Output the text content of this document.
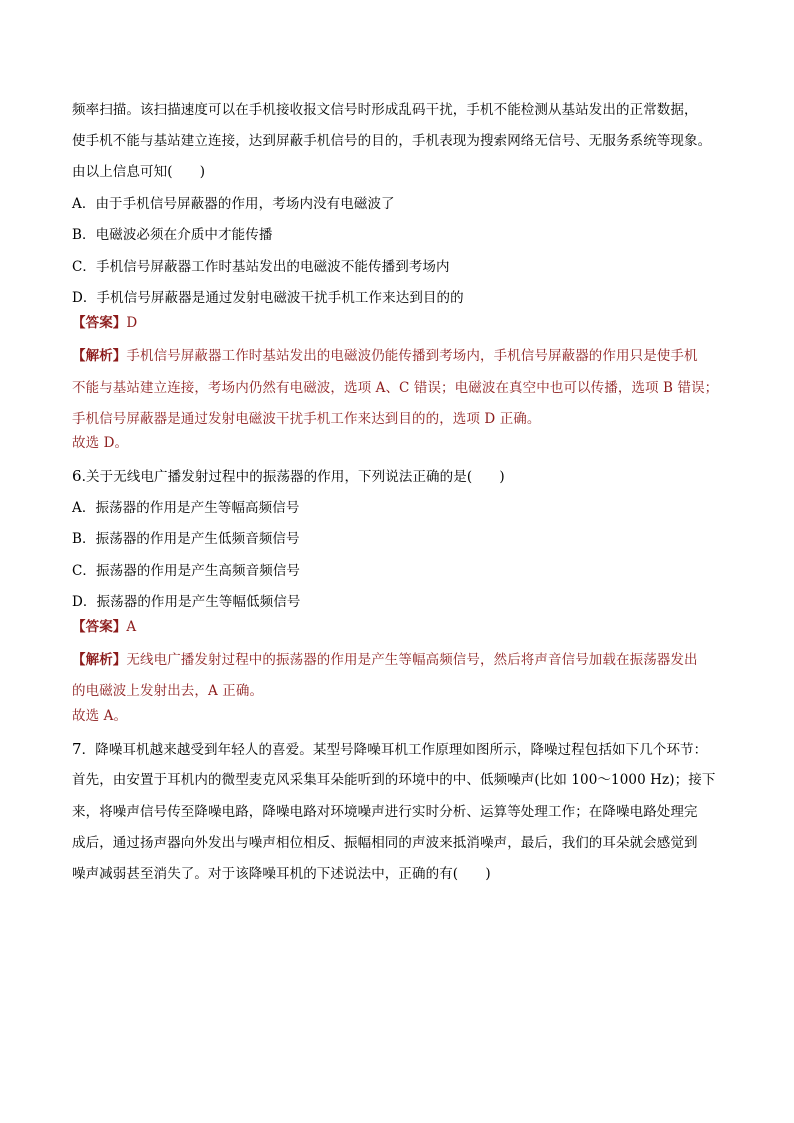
频率扫描。该扫描速度可以在手机接收报文信号时形成乱码干扰，手机不能检测从基站发出的正常数据，
使手机不能与基站建立连接，达到屏蔽手机信号的目的，手机表现为搜索网络无信号、无服务系统等现象。
由以上信息可知(　　)
A．由于手机信号屏蔽器的作用，考场内没有电磁波了
B．电磁波必须在介质中才能传播
C．手机信号屏蔽器工作时基站发出的电磁波不能传播到考场内
D．手机信号屏蔽器是通过发射电磁波干扰手机工作来达到目的的
【答案】D
【解析】手机信号屏蔽器工作时基站发出的电磁波仍能传播到考场内，手机信号屏蔽器的作用只是使手机
不能与基站建立连接，考场内仍然有电磁波，选项 A、C 错误；电磁波在真空中也可以传播，选项 B 错误；
手机信号屏蔽器是通过发射电磁波干扰手机工作来达到目的的，选项 D 正确。
故选 D。
6.关于无线电广播发射过程中的振荡器的作用，下列说法正确的是(　　)
A．振荡器的作用是产生等幅高频信号
B．振荡器的作用是产生低频音频信号
C．振荡器的作用是产生高频音频信号
D．振荡器的作用是产生等幅低频信号
【答案】A
【解析】无线电广播发射过程中的振荡器的作用是产生等幅高频信号，然后将声音信号加载在振荡器发出
的电磁波上发射出去，A 正确。
故选 A。
7．降噪耳机越来越受到年轻人的喜爱。某型号降噪耳机工作原理如图所示，降噪过程包括如下几个环节：
首先，由安置于耳机内的微型麦克风采集耳朵能听到的环境中的中、低频噪声(比如 100～1000 Hz)；接下
来，将噪声信号传至降噪电路，降噪电路对环境噪声进行实时分析、运算等处理工作；在降噪电路处理完
成后，通过扬声器向外发出与噪声相位相反、振幅相同的声波来抵消噪声，最后，我们的耳朵就会感觉到
噪声减弱甚至消失了。对于该降噪耳机的下述说法中，正确的有(　　)
